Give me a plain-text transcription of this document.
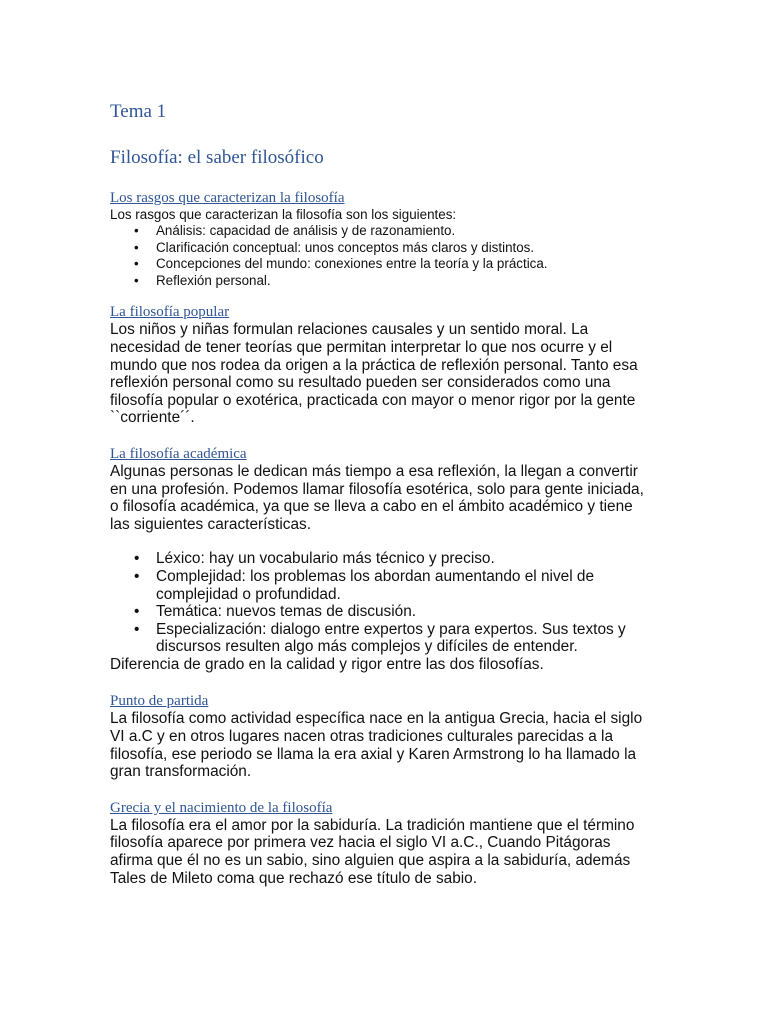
Tema 1
Filosofía: el saber filosófico
Los rasgos que caracterizan la filosofía

Los rasgos que caracterizan la filosofía son los siguientes:

• Análisis: capacidad de análisis y de razonamiento.
• Clarificación conceptual: unos conceptos más claros y distintos.
• Concepciones del mundo: conexiones entre la teoría y la práctica.
• Reflexión personal.
La filosofía popular

Los niños y niñas formulan relaciones causales y un sentido moral. La
necesidad de tener teorías que permitan interpretar lo que nos ocurre y el
mundo que nos rodea da origen a la práctica de reflexión personal. Tanto esa
reflexión personal como su resultado pueden ser considerados como una
filosofía popular o exotérica, practicada con mayor o menor rigor por la gente
``corriente´´.

La filosofía académica

Algunas personas le dedican más tiempo a esa reflexión, la llegan a convertir
en una profesión. Podemos llamar filosofía esotérica, solo para gente iniciada,
o filosofía académica, ya que se lleva a cabo en el ámbito académico y tiene
las siguientes características.

• Léxico: hay un vocabulario más técnico y preciso.
• Complejidad: los problemas los abordan aumentando el nivel de
complejidad o profundidad.
• Temática: nuevos temas de discusión.
• Especialización: dialogo entre expertos y para expertos. Sus textos y
discursos resulten algo más complejos y difíciles de entender.

Diferencia de grado en la calidad y rigor entre las dos filosofías.

Punto de partida

La filosofía como actividad específica nace en la antigua Grecia, hacia el siglo
VI a.C y en otros lugares nacen otras tradiciones culturales parecidas a la
filosofía, ese periodo se llama la era axial y Karen Armstrong lo ha llamado la
gran transformación.

Grecia y el nacimiento de la filosofía

La filosofía era el amor por la sabiduría. La tradición mantiene que el término
filosofía aparece por primera vez hacia el siglo VI a.C., Cuando Pitágoras
afirma que él no es un sabio, sino alguien que aspira a la sabiduría, además
Tales de Mileto coma que rechazó ese título de sabio.
